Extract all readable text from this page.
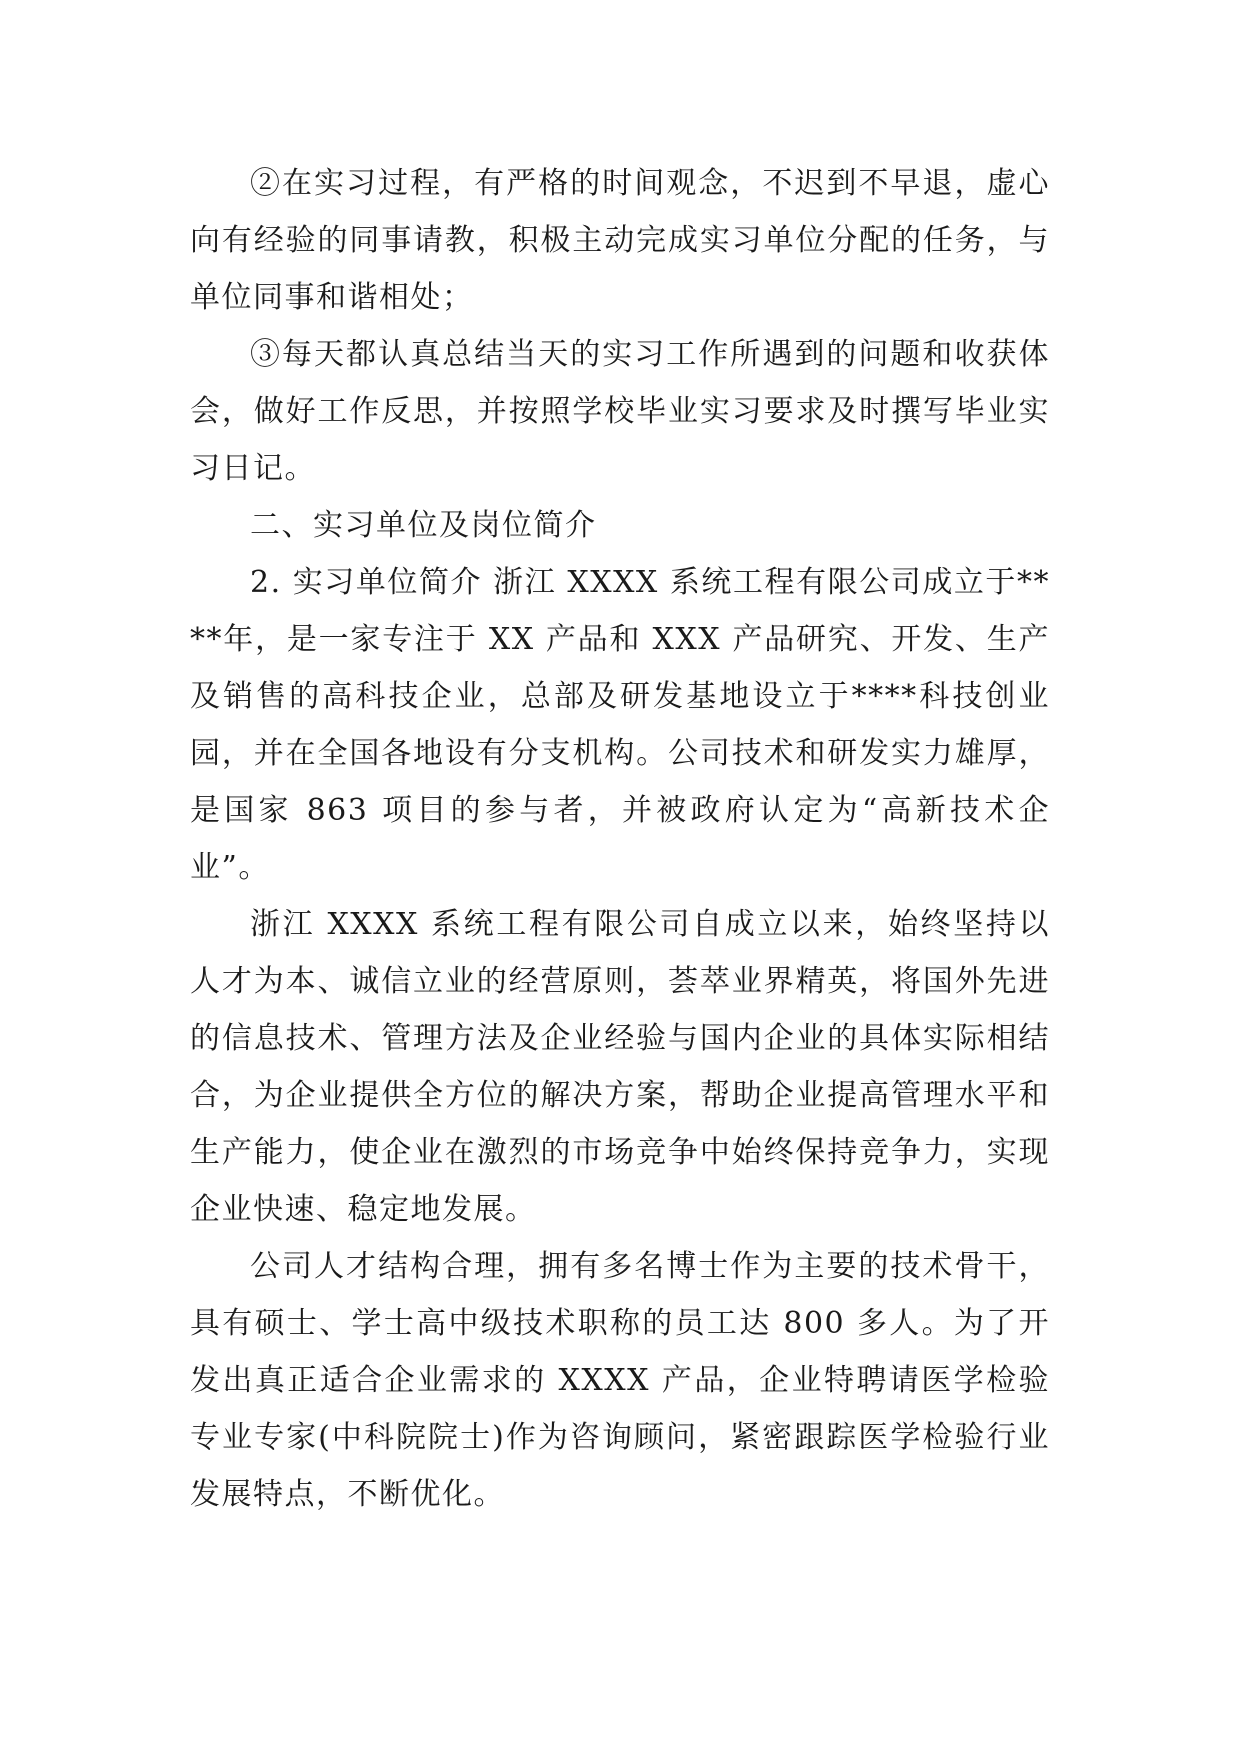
②在实习过程，有严格的时间观念，不迟到不早退，虚心向有经验的同事请教，积极主动完成实习单位分配的任务，与单位同事和谐相处；

③每天都认真总结当天的实习工作所遇到的问题和收获体会，做好工作反思，并按照学校毕业实习要求及时撰写毕业实习日记。

二、实习单位及岗位简介

2. 实习单位简介 浙江 XXXX 系统工程有限公司成立于****年，是一家专注于 XX 产品和 XXX 产品研究、开发、生产及销售的高科技企业，总部及研发基地设立于****科技创业园，并在全国各地设有分支机构。公司技术和研发实力雄厚，是国家 863 项目的参与者，并被政府认定为“高新技术企业”。

浙江 XXXX 系统工程有限公司自成立以来，始终坚持以人才为本、诚信立业的经营原则，荟萃业界精英，将国外先进的信息技术、管理方法及企业经验与国内企业的具体实际相结合，为企业提供全方位的解决方案，帮助企业提高管理水平和生产能力，使企业在激烈的市场竞争中始终保持竞争力，实现企业快速、稳定地发展。

公司人才结构合理，拥有多名博士作为主要的技术骨干，具有硕士、学士高中级技术职称的员工达 800 多人。为了开发出真正适合企业需求的 XXXX 产品，企业特聘请医学检验专业专家(中科院院士)作为咨询顾问，紧密跟踪医学检验行业发展特点，不断优化。
